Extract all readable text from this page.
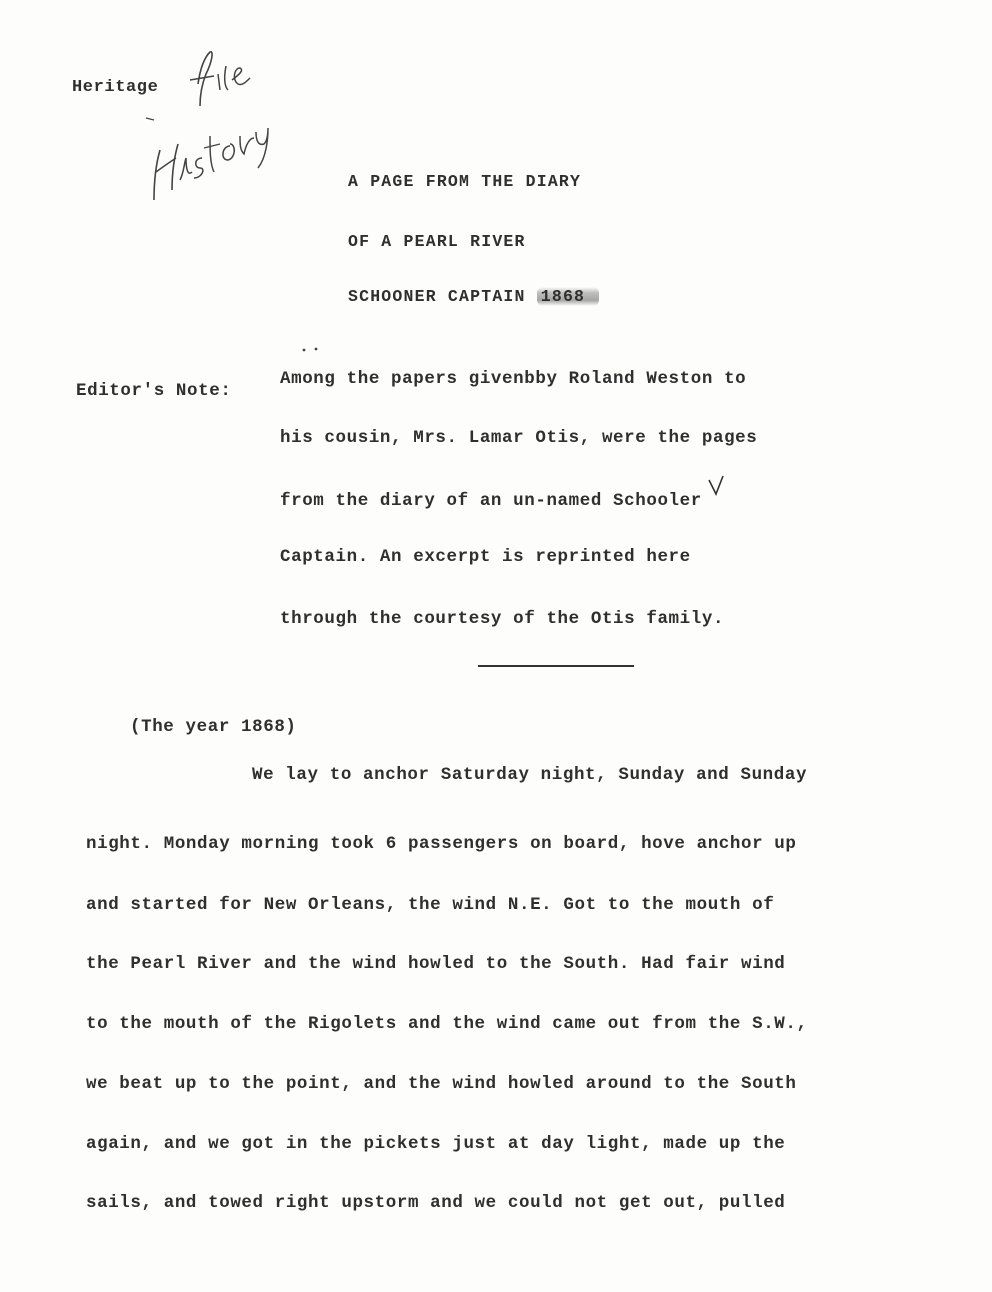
Heritage
A PAGE FROM THE DIARY
OF A PEARL RIVER
SCHOONER CAPTAIN 1868
Editor's Note:
Among the papers givenbby Roland Weston to
his cousin, Mrs. Lamar Otis, were the pages
from the diary of an un-named Schooler
Captain. An excerpt is reprinted here
through the courtesy of the Otis family.
(The year 1868)
We lay to anchor Saturday night, Sunday and Sunday
night. Monday morning took 6 passengers on board, hove anchor up
and started for New Orleans, the wind N.E. Got to the mouth of
the Pearl River and the wind howled to the South. Had fair wind
to the mouth of the Rigolets and the wind came out from the S.W.,
we beat up to the point, and the wind howled around to the South
again, and we got in the pickets just at day light, made up the
sails, and towed right upstorm and we could not get out, pulled
